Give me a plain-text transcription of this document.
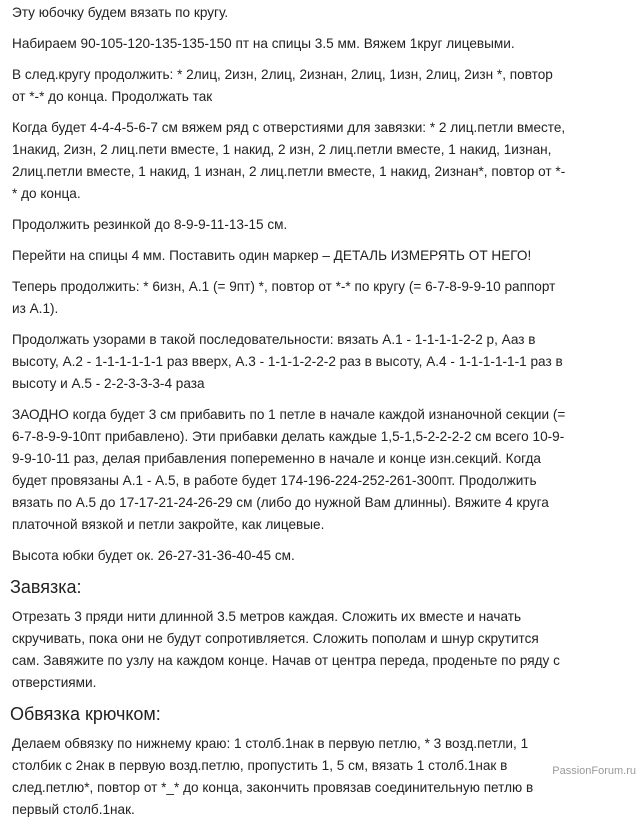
Эту юбочку будем вязать по кругу.

Набираем 90-105-120-135-135-150 пт на спицы 3.5 мм. Вяжем 1круг лицевыми.

В след.кругу продолжить: * 2лиц, 2изн, 2лиц, 2изнан, 2лиц, 1изн, 2лиц, 2изн *, повтор
от *-* до конца. Продолжать так

Когда будет 4-4-4-5-6-7 см вяжем ряд с отверстиями для завязки: * 2 лиц.петли вместе,
1накид, 2изн, 2 лиц.пети вместе, 1 накид, 2 изн, 2 лиц.петли вместе, 1 накид, 1изнан,
2лиц.петли вместе, 1 накид, 1 изнан, 2 лиц.петли вместе, 1 накид, 2изнан*, повтор от *-
* до конца.

Продолжить резинкой до 8-9-9-11-13-15 см.

Перейти на спицы 4 мм. Поставить один маркер – ДЕТАЛЬ ИЗМЕРЯТЬ ОТ НЕГО!

Теперь продолжить: * 6изн, А.1 (= 9пт) *, повтор от *-* по кругу (= 6-7-8-9-9-10 раппорт
из А.1).

Продолжать узорами в такой последовательности: вязать А.1 - 1-1-1-1-2-2 р, Ааз в
высоту, А.2 - 1-1-1-1-1-1 раз вверх, А.3 - 1-1-1-2-2-2 раз в высоту, А.4 - 1-1-1-1-1-1 раз в
высоту и А.5 - 2-2-3-3-3-4 раза

ЗАОДНО когда будет 3 см прибавить по 1 петле в начале каждой изнаночной секции (=
6-7-8-9-9-10пт прибавлено). Эти прибавки делать каждые 1,5-1,5-2-2-2-2 см всего 10-9-
9-9-10-11 раз, делая прибавления попеременно в начале и конце изн.секций. Когда
будет провязаны А.1 - А.5, в работе будет 174-196-224-252-261-300пт. Продолжить
вязать по А.5 до 17-17-21-24-26-29 см (либо до нужной Вам длинны). Вяжите 4 круга
платочной вязкой и петли закройте, как лицевые.

Высота юбки будет ок. 26-27-31-36-40-45 см.

Завязка:

Отрезать 3 пряди нити длинной 3.5 метров каждая. Сложить их вместе и начать
скручивать, пока они не будут сопротивляется. Сложить пополам и шнур скрутится
сам. Завяжите по узлу на каждом конце. Начав от центра переда, проденьте по ряду с
отверстиями.

Обвязка крючком:

Делаем обвязку по нижнему краю: 1 столб.1нак в первую петлю, * 3 возд.петли, 1
столбик с 2нак в первую возд.петлю, пропустить 1, 5 см, вязать 1 столб.1нак в
след.петлю*, повтор от *_* до конца, закончить провязав соединительную петлю в
первый столб.1нак.

PassionForum.ru
